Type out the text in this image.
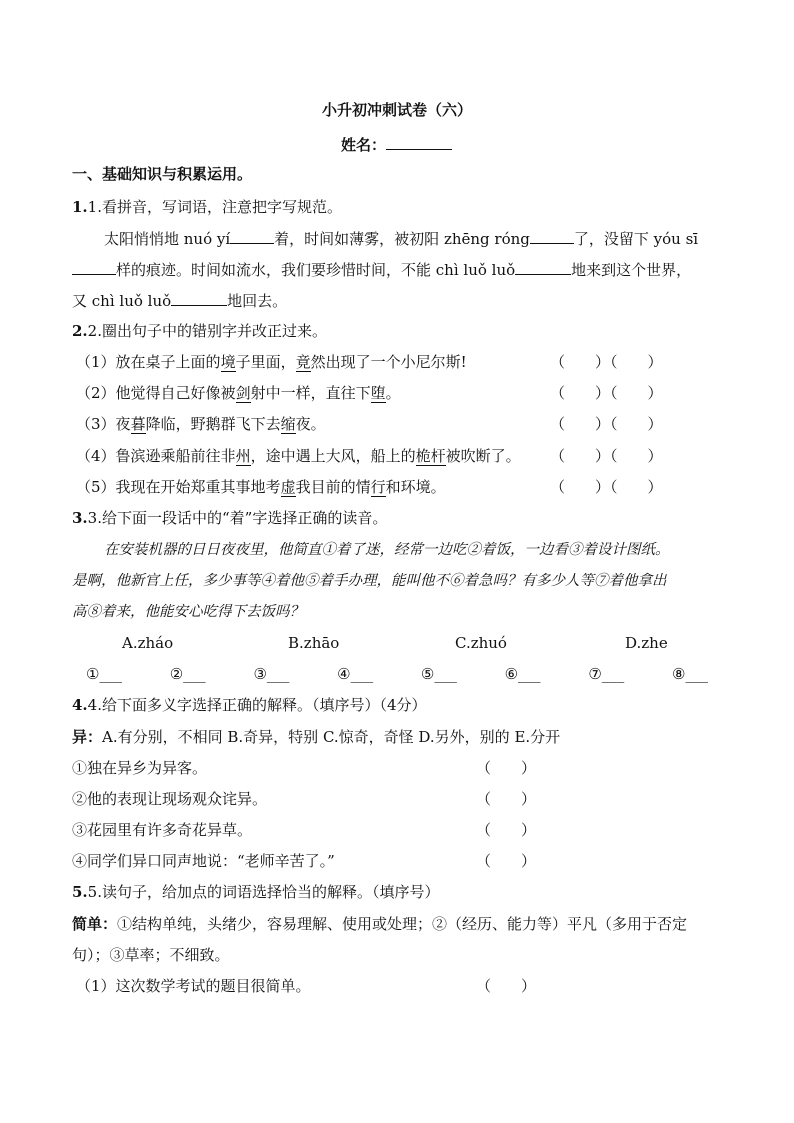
小升初冲刺试卷（六）
姓名：
一、基础知识与积累运用。
1.1.看拼音，写词语，注意把字写规范。
太阳悄悄地 nuó yí	着，时间如薄雾，被初阳 zhēng róng	了，没留下 yóu sī
样的痕迹。时间如流水，我们要珍惜时间，不能 chì luǒ luǒ	地来到这个世界，
又 chì luǒ luǒ	地回去。
2.2.圈出句子中的错别字并改正过来。
（1）放在桌子上面的境子里面，竟然出现了一个小尼尔斯!	（　　）（　　）
（2）他觉得自己好像被剑射中一样，直往下堕。	（　　）（　　）
（3）夜暮降临，野鹅群飞下去缩夜。	（　　）（　　）
（4）鲁滨逊乘船前往非州，途中遇上大风，船上的桅杆被吹断了。 （　　）（　　）
（5）我现在开始郑重其事地考虚我目前的情行和环境。	（　　）（　　）
3.3.给下面一段话中的“着”字选择正确的读音。
在安装机器的日日夜夜里，他简直①着了迷，经常一边吃②着饭，一边看③着设计图纸。
是啊，他新官上任，多少事等④着他⑤着手办理，能叫他不⑥着急吗？有多少人等⑦着他拿出
高⑧着来，他能安心吃得下去饭吗？
A.zháo	B.zhāo	C.zhuó	D.zhe
①___	②___	③___	④___	⑤___	⑥___	⑦___	⑧___
4.4.给下面多义字选择正确的解释。（填序号）（4分）
异：A.有分别，不相同 B.奇异，特别 C.惊奇，奇怪 D.另外，别的 E.分开
①独在异乡为异客。	（　　）
②他的表现让现场观众诧异。	（　　）
③花园里有许多奇花异草。	（　　）
④同学们异口同声地说：“老师辛苦了。”	（　　）
5.5.读句子，给加点的词语选择恰当的解释。（填序号）
简单：①结构单纯，头绪少，容易理解、使用或处理；②（经历、能力等）平凡（多用于否定
句）；③草率；不细致。
（1）这次数学考试的题目很简单。	（　　）
